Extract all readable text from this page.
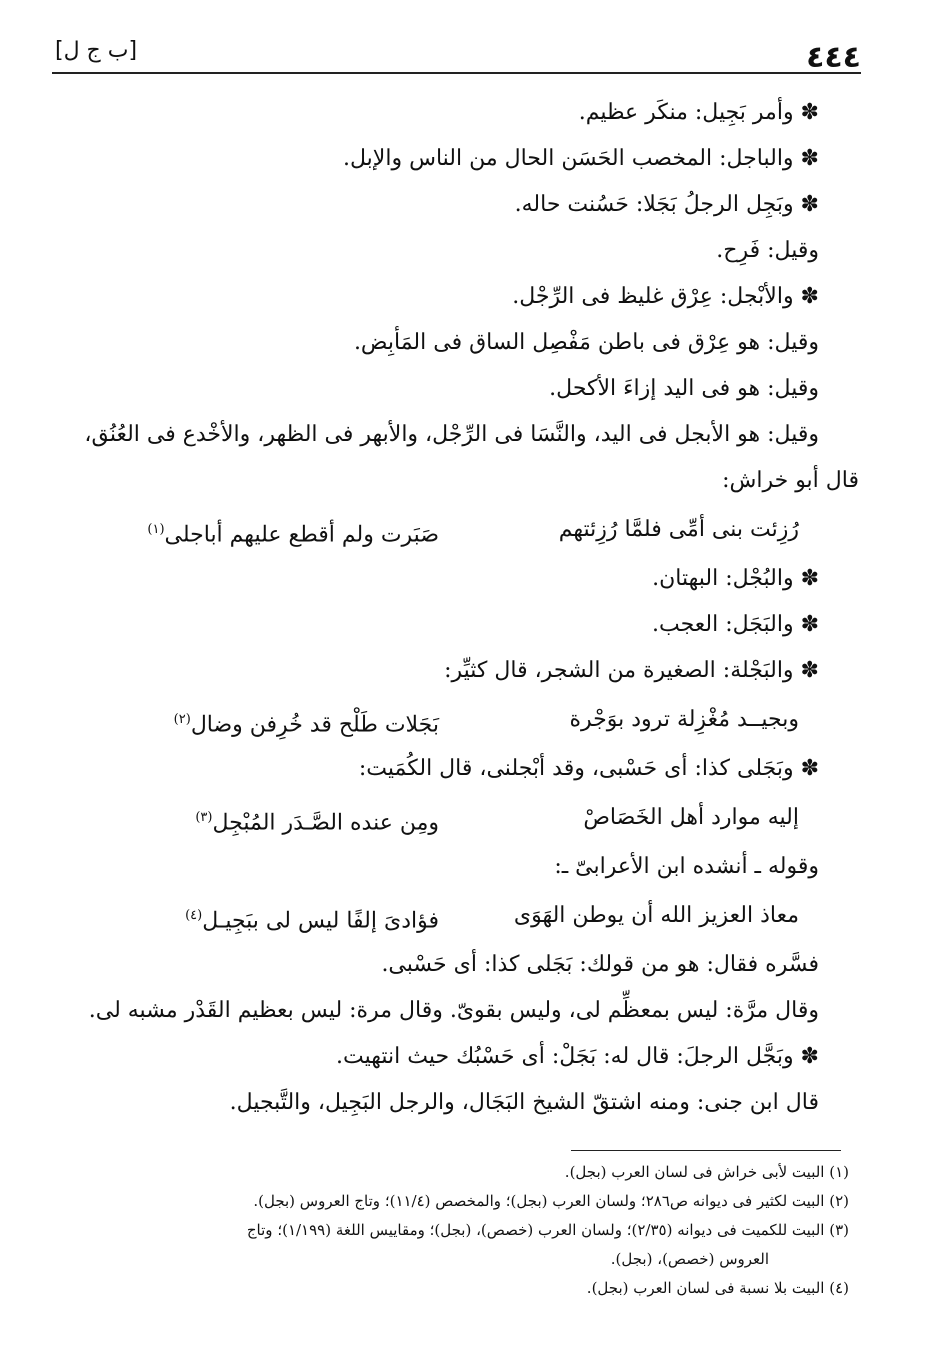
٤٤٤
[ب ج ل]
✽ وأمر بَجِيل: منكَر عظيم.
✽ والباجل: المخصب الحَسَن الحال من الناس والإبل.
✽ وبَجِل الرجلُ بَجَلا: حَسُنت حاله.
وقيل: فَرِح.
✽ والأبْجل: عِرْق غليظ فى الرِّجْل.
وقيل: هو عِرْق فى باطن مَفْصِل الساق فى المَأبِض.
وقيل: هو فى اليد إزاءَ الأكحل.
وقيل: هو الأبجل فى اليد، والنَّسَا فى الرِّجْل، والأبهر فى الظهر، والأخْدع فى العُنُق،
قال أبو خراش:
رُزِئت بنى أمِّى فلمَّا رُزِئتهم
صَبَرت ولم أقطع عليهم أباجلى$^{(١)}$
✽ والبُجْل: البهتان.
✽ والبَجَل: العجب.
✽ والبَجْلة: الصغيرة من الشجر، قال كثيِّر:
وبجيــد مُغْزِلة ترود بوَجْرة
بَجَلات طَلْح قد خُرِفن وضال$^{(٢)}$
✽ وبَجَلى كذا: أى حَسْبى، وقد أبْجلنى، قال الكُمَيت:
إليه موارد أهل الخَصَاصْ
ومِن عنده الصَّـدَر المُبْجِل$^{(٣)}$
وقوله ـ أنشده ابن الأعرابىّ ـ:
معاذ العزيز الله أن يوطن الهَوَى
فؤادىَ إلفًا ليس لى ببَجِيـل$^{(٤)}$
فسَّره فقال: هو من قولك: بَجَلى كذا: أى حَسْبى.
وقال مرَّة: ليس بمعظِّم لى، وليس بقوىّ. وقال مرة: ليس بعظيم القَدْر مشبه لى.
✽ وبَجَّل الرجلَ: قال له: بَجَلْ: أى حَسْبُك حيث انتهيت.
قال ابن جنى: ومنه اشتقّ الشيخ البَجَال، والرجل البَجِيل، والتَّبجيل.
(١) البيت لأبى خراش فى لسان العرب (بجل).
(٢) البيت لكثير فى ديوانه ص٢٨٦؛ ولسان العرب (بجل)؛ والمخصص (١١/٤)؛ وتاج العروس (بجل).
(٣) البيت للكميت فى ديوانه (٢/٣٥)؛ ولسان العرب (خصص)، (بجل)؛ ومقاييس اللغة (١/١٩٩)؛ وتاج
العروس (خصص)، (بجل).
(٤) البيت بلا نسبة فى لسان العرب (بجل).
